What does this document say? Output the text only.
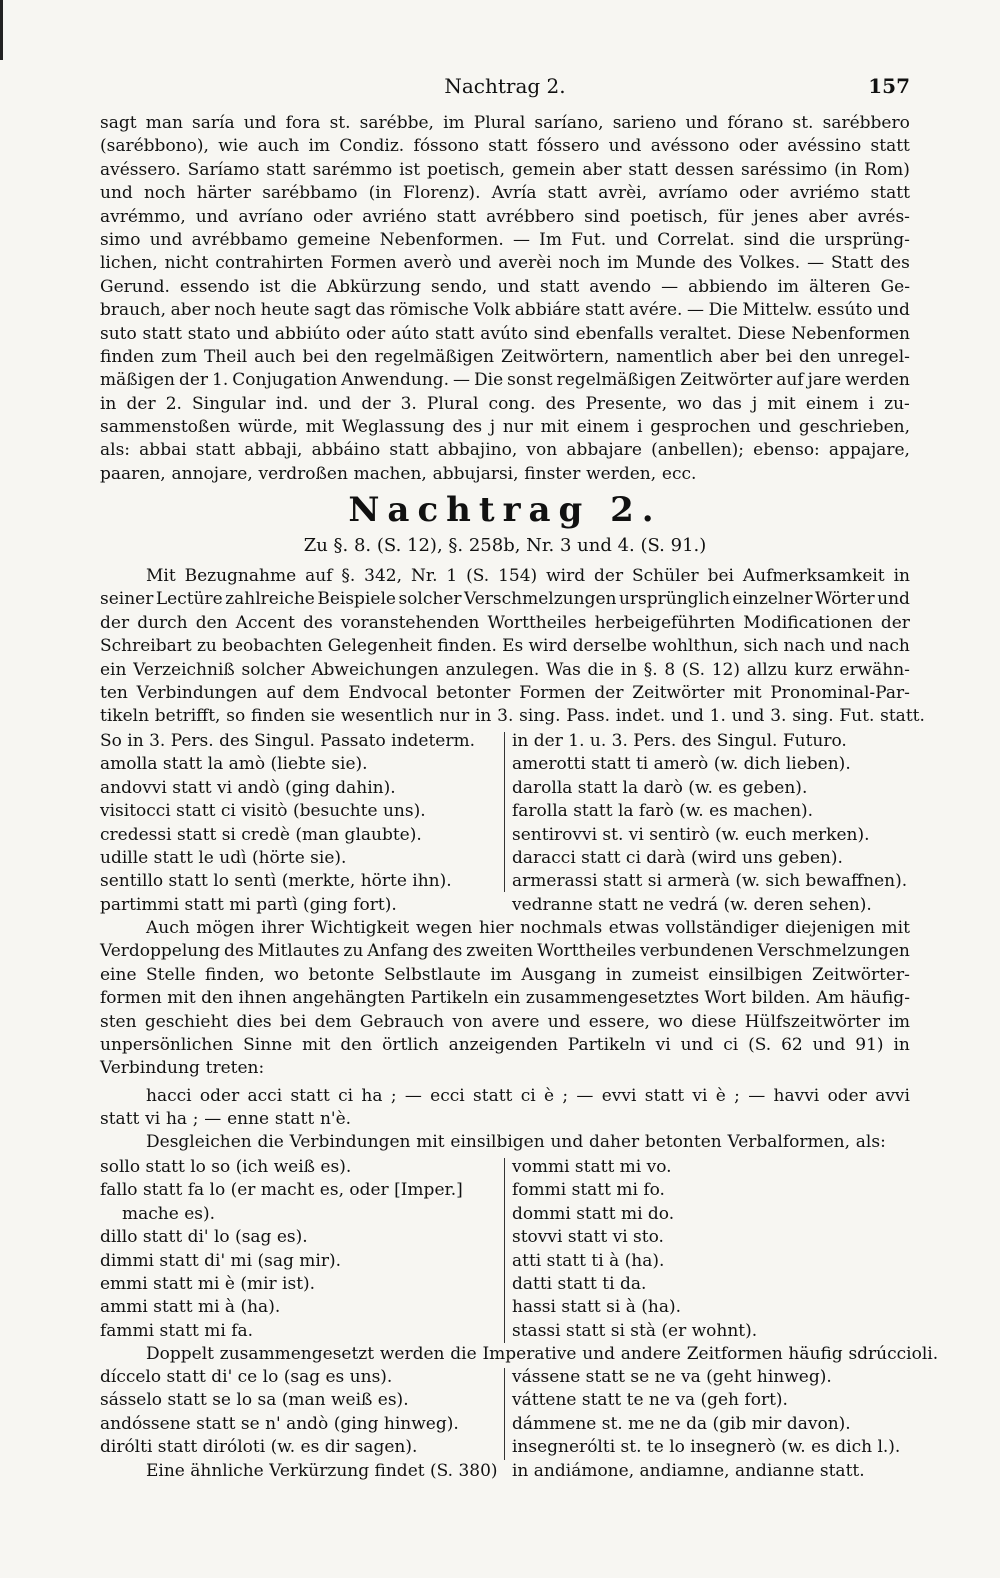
Nachtrag 2.	157
sagt man saría und fora st. sarébbe, im Plural saríano, sarieno und fórano st. sarébbero
(sarébbono), wie auch im Condiz. fóssono statt fóssero und avéssono oder avéssino statt
avéssero. Saríamo statt sarémmo ist poetisch, gemein aber statt dessen saréssimo (in Rom)
und noch härter sarébbamo (in Florenz). Avría statt avrèi, avríamo oder avriémo statt
avrémmo, und avríano oder avriéno statt avrébbero sind poetisch, für jenes aber avrés-
simo und avrébbamo gemeine Nebenformen. — Im Fut. und Correlat. sind die ursprüng-
lichen, nicht contrahirten Formen averò und averèi noch im Munde des Volkes. — Statt des
Gerund. essendo ist die Abkürzung sendo, und statt avendo — abbiendo im älteren Ge-
brauch, aber noch heute sagt das römische Volk abbiáre statt avére. — Die Mittelw. essúto und
suto statt stato und abbiúto oder aúto statt avúto sind ebenfalls veraltet. Diese Nebenformen
finden zum Theil auch bei den regelmäßigen Zeitwörtern, namentlich aber bei den unregel-
mäßigen der 1. Conjugation Anwendung. — Die sonst regelmäßigen Zeitwörter auf jare werden
in der 2. Singular ind. und der 3. Plural cong. des Presente, wo das j mit einem i zu-
sammenstoßen würde, mit Weglassung des j nur mit einem i gesprochen und geschrieben,
als: abbai statt abbaji, abbáino statt abbajino, von abbajare (anbellen); ebenso: appajare,
paaren, annojare, verdroßen machen, abbujarsi, finster werden, ecc.
Nachtrag 2.
Zu §. 8. (S. 12), §. 258b, Nr. 3 und 4. (S. 91.)
Mit Bezugnahme auf §. 342, Nr. 1 (S. 154) wird der Schüler bei Aufmerksamkeit in
seiner Lectüre zahlreiche Beispiele solcher Verschmelzungen ursprünglich einzelner Wörter und
der durch den Accent des voranstehenden Worttheiles herbeigeführten Modificationen der
Schreibart zu beobachten Gelegenheit finden. Es wird derselbe wohlthun, sich nach und nach
ein Verzeichniß solcher Abweichungen anzulegen. Was die in §. 8 (S. 12) allzu kurz erwähn-
ten Verbindungen auf dem Endvocal betonter Formen der Zeitwörter mit Pronominal-Par-
tikeln betrifft, so finden sie wesentlich nur in 3. sing. Pass. indet. und 1. und 3. sing. Fut. statt.
So in 3. Pers. des Singul. Passato indeterm.
amolla statt la amò (liebte sie).
andovvi statt vi andò (ging dahin).
visitocci statt ci visitò (besuchte uns).
credessi statt si credè (man glaubte).
udille statt le udì (hörte sie).
sentillo statt lo sentì (merkte, hörte ihn).
partimmi statt mi partì (ging fort).
in der 1. u. 3. Pers. des Singul. Futuro.
amerotti statt ti amerò (w. dich lieben).
darolla statt la darò (w. es geben).
farolla statt la farò (w. es machen).
sentirovvi st. vi sentirò (w. euch merken).
daracci statt ci darà (wird uns geben).
armerassi statt si armerà (w. sich bewaffnen).
vedranne statt ne vedrá (w. deren sehen).
Auch mögen ihrer Wichtigkeit wegen hier nochmals etwas vollständiger diejenigen mit
Verdoppelung des Mitlautes zu Anfang des zweiten Worttheiles verbundenen Verschmelzungen
eine Stelle finden, wo betonte Selbstlaute im Ausgang in zumeist einsilbigen Zeitwörter-
formen mit den ihnen angehängten Partikeln ein zusammengesetztes Wort bilden. Am häufig-
sten geschieht dies bei dem Gebrauch von avere und essere, wo diese Hülfszeitwörter im
unpersönlichen Sinne mit den örtlich anzeigenden Partikeln vi und ci (S. 62 und 91) in
Verbindung treten:
hacci oder acci statt ci ha ; — ecci statt ci è ; — evvi statt vi è ; — havvi oder avvi
statt vi ha ; — enne statt n'è.
Desgleichen die Verbindungen mit einsilbigen und daher betonten Verbalformen, als:
sollo statt lo so (ich weiß es).
fallo statt fa lo (er macht es, oder [Imper.]
mache es).
dillo statt di' lo (sag es).
dimmi statt di' mi (sag mir).
emmi statt mi è (mir ist).
ammi statt mi à (ha).
fammi statt mi fa.
vommi statt mi vo.
fommi statt mi fo.
dommi statt mi do.
stovvi statt vi sto.
atti statt ti à (ha).
datti statt ti da.
hassi statt si à (ha).
stassi statt si stà (er wohnt).
Doppelt zusammengesetzt werden die Imperative und andere Zeitformen häufig sdrúccioli.
díccelo statt di' ce lo (sag es uns).
sásselo statt se lo sa (man weiß es).
andóssene statt se n' andò (ging hinweg).
dirólti statt diróloti (w. es dir sagen).
Eine ähnliche Verkürzung findet (S. 380)
vássene statt se ne va (geht hinweg).
váttene statt te ne va (geh fort).
dámmene st. me ne da (gib mir davon).
insegnerólti st. te lo insegnerò (w. es dich l.).
in andiámone, andiamne, andianne statt.
